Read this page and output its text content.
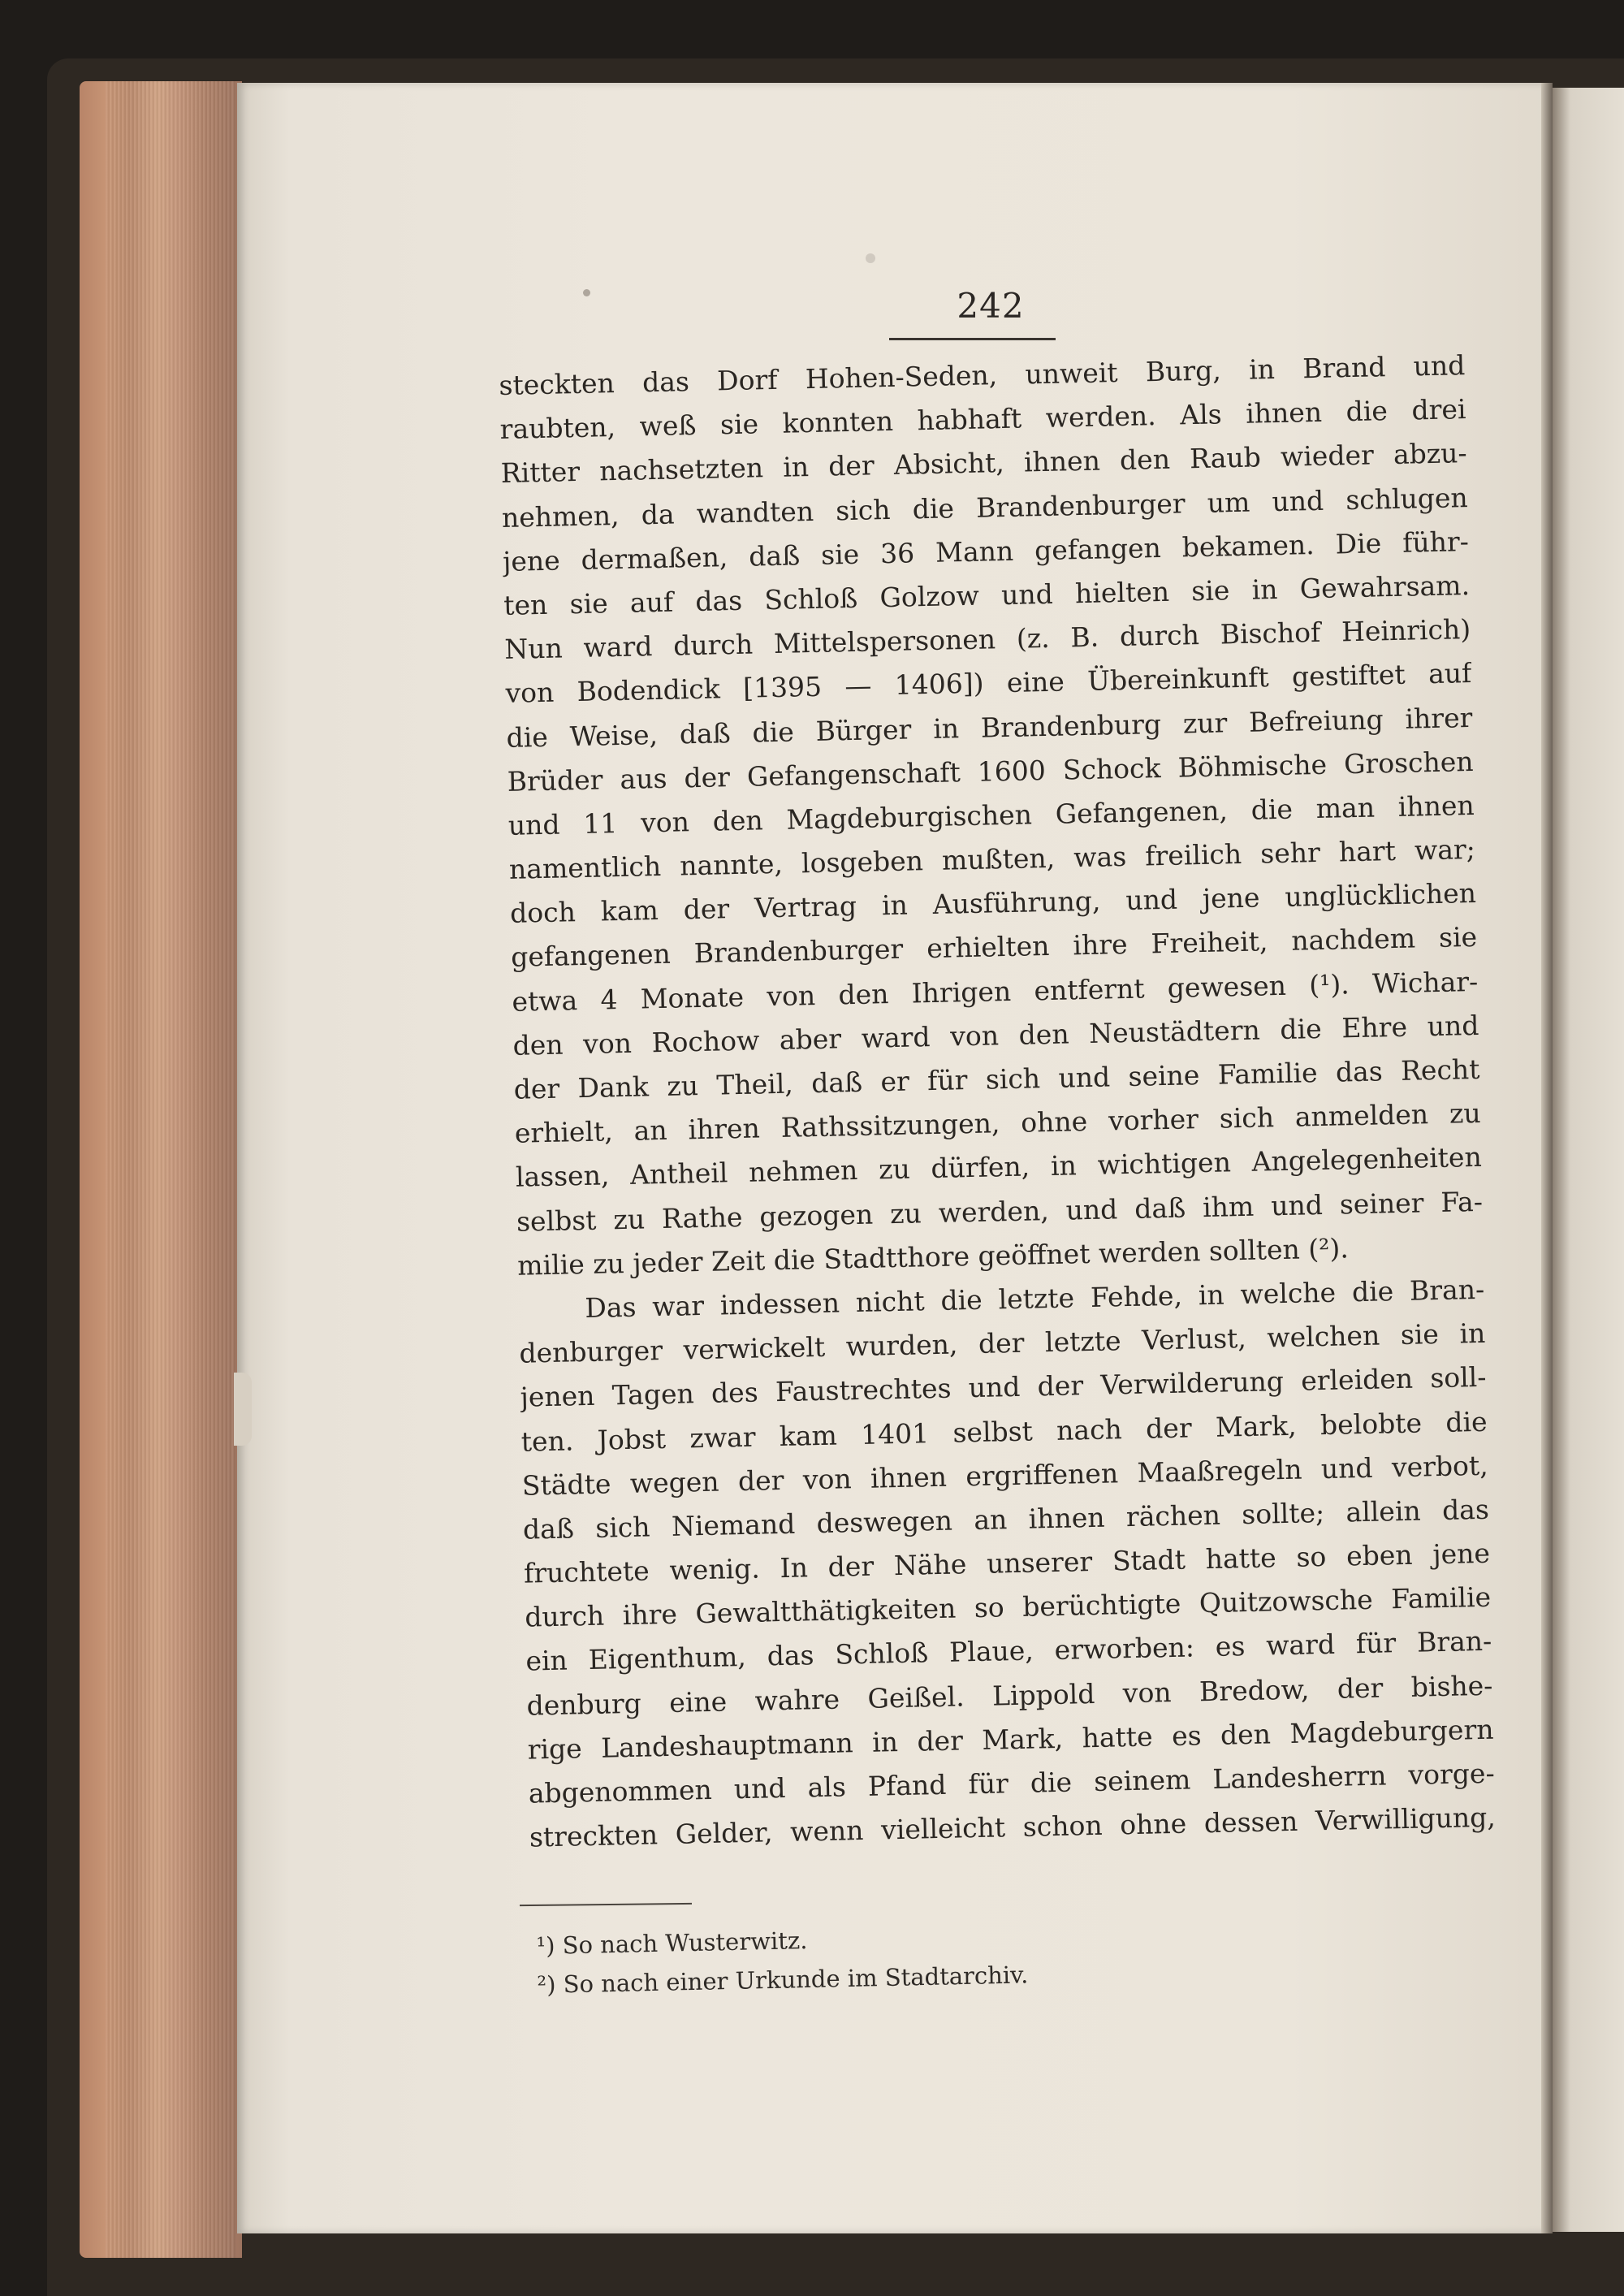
242
steckten das Dorf Hohen-Seden, unweit Burg, in Brand und
raubten, weß sie konnten habhaft werden. Als ihnen die drei
Ritter nachsetzten in der Absicht, ihnen den Raub wieder abzu-
nehmen, da wandten sich die Brandenburger um und schlugen
jene dermaßen, daß sie 36 Mann gefangen bekamen. Die führ-
ten sie auf das Schloß Golzow und hielten sie in Gewahrsam.
Nun ward durch Mittelspersonen (z. B. durch Bischof Heinrich)
von Bodendick [1395 — 1406]) eine Übereinkunft gestiftet auf
die Weise, daß die Bürger in Brandenburg zur Befreiung ihrer
Brüder aus der Gefangenschaft 1600 Schock Böhmische Groschen
und 11 von den Magdeburgischen Gefangenen, die man ihnen
namentlich nannte, losgeben mußten, was freilich sehr hart war;
doch kam der Vertrag in Ausführung, und jene unglücklichen
gefangenen Brandenburger erhielten ihre Freiheit, nachdem sie
etwa 4 Monate von den Ihrigen entfernt gewesen (¹). Wichar-
den von Rochow aber ward von den Neustädtern die Ehre und
der Dank zu Theil, daß er für sich und seine Familie das Recht
erhielt, an ihren Rathssitzungen, ohne vorher sich anmelden zu
lassen, Antheil nehmen zu dürfen, in wichtigen Angelegenheiten
selbst zu Rathe gezogen zu werden, und daß ihm und seiner Fa-
milie zu jeder Zeit die Stadtthore geöffnet werden sollten (²).
Das war indessen nicht die letzte Fehde, in welche die Bran-
denburger verwickelt wurden, der letzte Verlust, welchen sie in
jenen Tagen des Faustrechtes und der Verwilderung erleiden soll-
ten. Jobst zwar kam 1401 selbst nach der Mark, belobte die
Städte wegen der von ihnen ergriffenen Maaßregeln und verbot,
daß sich Niemand deswegen an ihnen rächen sollte; allein das
fruchtete wenig. In der Nähe unserer Stadt hatte so eben jene
durch ihre Gewaltthätigkeiten so berüchtigte Quitzowsche Familie
ein Eigenthum, das Schloß Plaue, erworben: es ward für Bran-
denburg eine wahre Geißel. Lippold von Bredow, der bishe-
rige Landeshauptmann in der Mark, hatte es den Magdeburgern
abgenommen und als Pfand für die seinem Landesherrn vorge-
streckten Gelder, wenn vielleicht schon ohne dessen Verwilligung,
¹) So nach Wusterwitz.
²) So nach einer Urkunde im Stadtarchiv.
